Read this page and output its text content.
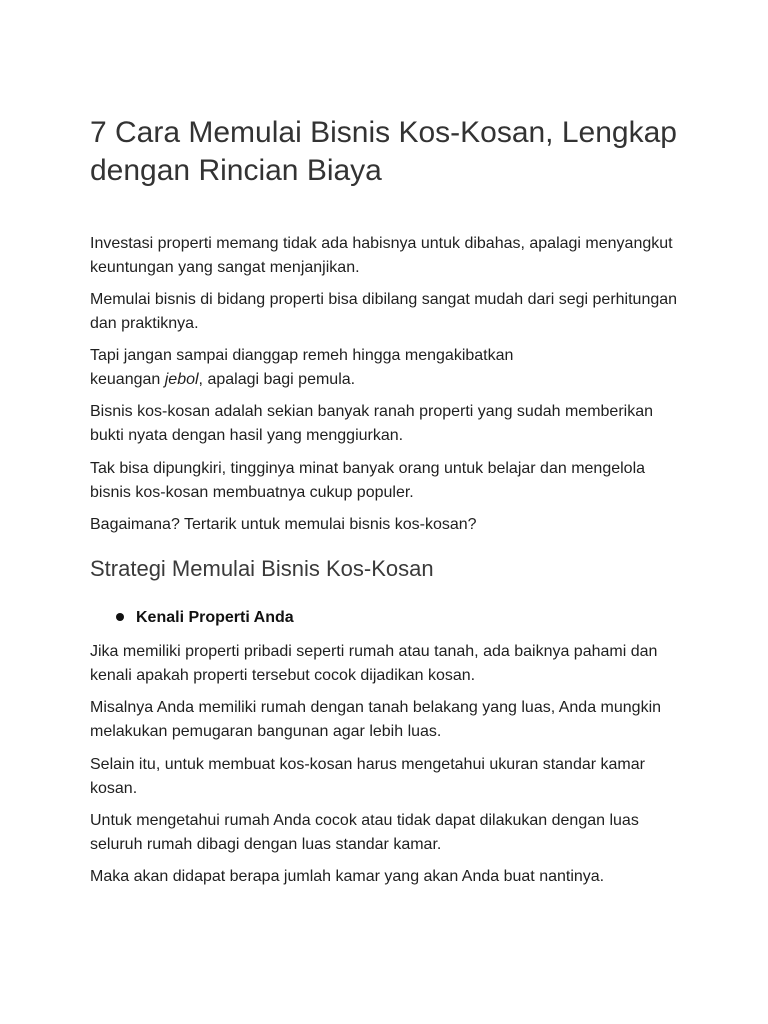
7 Cara Memulai Bisnis Kos-Kosan, Lengkap dengan Rincian Biaya

Investasi properti memang tidak ada habisnya untuk dibahas, apalagi menyangkut keuntungan yang sangat menjanjikan.

Memulai bisnis di bidang properti bisa dibilang sangat mudah dari segi perhitungan dan praktiknya.

Tapi jangan sampai dianggap remeh hingga mengakibatkan
keuangan jebol, apalagi bagi pemula.

Bisnis kos-kosan adalah sekian banyak ranah properti yang sudah memberikan bukti nyata dengan hasil yang menggiurkan.

Tak bisa dipungkiri, tingginya minat banyak orang untuk belajar dan mengelola bisnis kos-kosan membuatnya cukup populer.

Bagaimana? Tertarik untuk memulai bisnis kos-kosan?

Strategi Memulai Bisnis Kos-Kosan
Kenali Properti Anda

Jika memiliki properti pribadi seperti rumah atau tanah, ada baiknya pahami dan kenali apakah properti tersebut cocok dijadikan kosan.

Misalnya Anda memiliki rumah dengan tanah belakang yang luas, Anda mungkin melakukan pemugaran bangunan agar lebih luas.

Selain itu, untuk membuat kos-kosan harus mengetahui ukuran standar kamar kosan.

Untuk mengetahui rumah Anda cocok atau tidak dapat dilakukan dengan luas seluruh rumah dibagi dengan luas standar kamar.

Maka akan didapat berapa jumlah kamar yang akan Anda buat nantinya.
